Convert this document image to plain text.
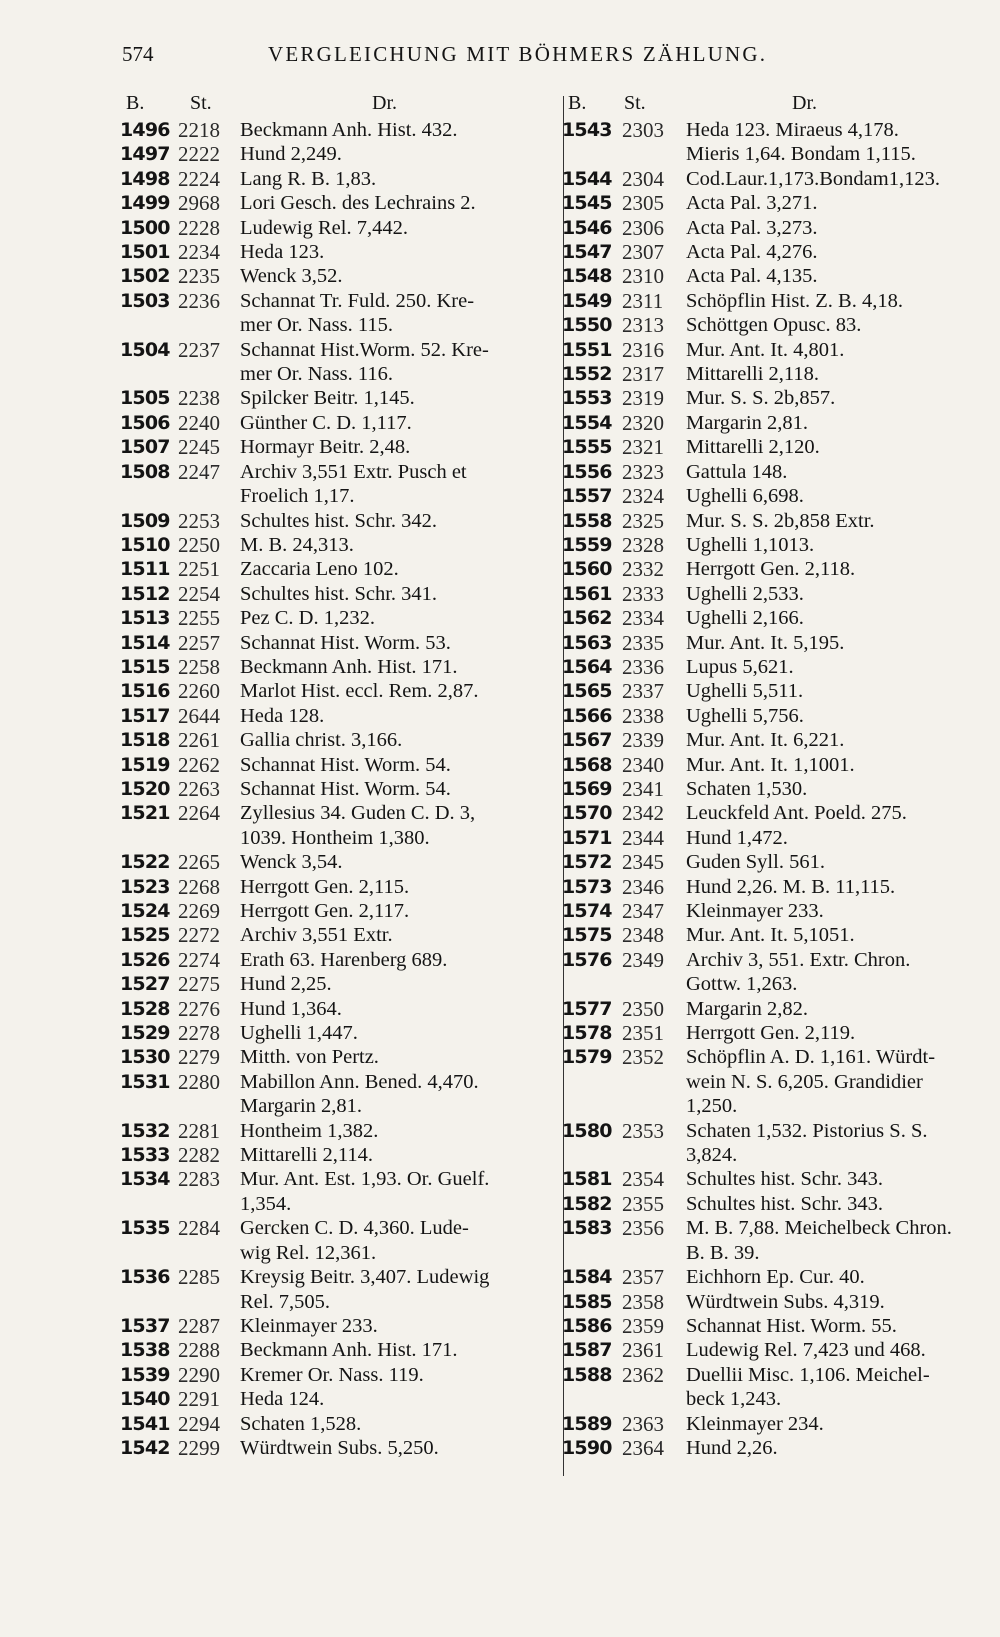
574	VERGLEICHUNG MIT BÖHMERS ZÄHLUNG.
B. St.	Dr.
1496 2218 Beckmann Anh. Hist. 432.
1497 2222 Hund 2,249.
1498 2224 Lang R. B. 1,83.
1499 2968 Lori Gesch. des Lechrains 2.
1500 2228 Ludewig Rel. 7,442.
1501 2234 Heda 123.
1502 2235 Wenck 3,52.
1503 2236 Schannat Tr. Fuld. 250. Kre-
mer Or. Nass. 115.
1504 2237 Schannat Hist.Worm. 52. Kre-
mer Or. Nass. 116.
1505 2238 Spilcker Beitr. 1,145.
1506 2240 Günther C. D. 1,117.
1507 2245 Hormayr Beitr. 2,48.
1508 2247 Archiv 3,551 Extr. Pusch et
Froelich 1,17.
1509 2253 Schultes hist. Schr. 342.
1510 2250 M. B. 24,313.
1511 2251 Zaccaria Leno 102.
1512 2254 Schultes hist. Schr. 341.
1513 2255 Pez C. D. 1,232.
1514 2257 Schannat Hist. Worm. 53.
1515 2258 Beckmann Anh. Hist. 171.
1516 2260 Marlot Hist. eccl. Rem. 2,87.
1517 2644 Heda 128.
1518 2261 Gallia christ. 3,166.
1519 2262 Schannat Hist. Worm. 54.
1520 2263 Schannat Hist. Worm. 54.
1521 2264 Zyllesius 34. Guden C. D. 3,
1039. Hontheim 1,380.
1522 2265 Wenck 3,54.
1523 2268 Herrgott Gen. 2,115.
1524 2269 Herrgott Gen. 2,117.
1525 2272 Archiv 3,551 Extr.
1526 2274 Erath 63. Harenberg 689.
1527 2275 Hund 2,25.
1528 2276 Hund 1,364.
1529 2278 Ughelli 1,447.
1530 2279 Mitth. von Pertz.
1531 2280 Mabillon Ann. Bened. 4,470.
Margarin 2,81.
1532 2281 Hontheim 1,382.
1533 2282 Mittarelli 2,114.
1534 2283 Mur. Ant. Est. 1,93. Or. Guelf.
1,354.
1535 2284 Gercken C. D. 4,360. Lude-
wig Rel. 12,361.
1536 2285 Kreysig Beitr. 3,407. Ludewig
Rel. 7,505.
1537 2287 Kleinmayer 233.
1538 2288 Beckmann Anh. Hist. 171.
1539 2290 Kremer Or. Nass. 119.
1540 2291 Heda 124.
1541 2294 Schaten 1,528.
1542 2299 Würdtwein Subs. 5,250.
B. St.	Dr.
1543 2303	Heda 123. Miraeus 4,178.
Mieris 1,64. Bondam 1,115.
1544 2304	Cod.Laur.1,173.Bondam1,123.
1545 2305	Acta Pal. 3,271.
1546 2306	Acta Pal. 3,273.
1547 2307	Acta Pal. 4,276.
1548 2310	Acta Pal. 4,135.
1549 2311	Schöpflin Hist. Z. B. 4,18.
1550 2313	Schöttgen Opusc. 83.
1551 2316	Mur. Ant. It. 4,801.
1552 2317	Mittarelli 2,118.
1553 2319	Mur. S. S. 2b,857.
1554 2320	Margarin 2,81.
1555 2321	Mittarelli 2,120.
1556 2323	Gattula 148.
1557 2324	Ughelli 6,698.
1558 2325	Mur. S. S. 2b,858 Extr.
1559 2328	Ughelli 1,1013.
1560 2332	Herrgott Gen. 2,118.
1561 2333	Ughelli 2,533.
1562 2334	Ughelli 2,166.
1563 2335	Mur. Ant. It. 5,195.
1564 2336	Lupus 5,621.
1565 2337	Ughelli 5,511.
1566 2338	Ughelli 5,756.
1567 2339	Mur. Ant. It. 6,221.
1568 2340	Mur. Ant. It. 1,1001.
1569 2341	Schaten 1,530.
1570 2342	Leuckfeld Ant. Poeld. 275.
1571 2344	Hund 1,472.
1572 2345	Guden Syll. 561.
1573 2346	Hund 2,26. M. B. 11,115.
1574 2347	Kleinmayer 233.
1575 2348	Mur. Ant. It. 5,1051.
1576 2349	Archiv 3, 551. Extr. Chron.
Gottw. 1,263.
1577 2350	Margarin 2,82.
1578 2351	Herrgott Gen. 2,119.
1579 2352	Schöpflin A. D. 1,161. Würdt-
wein N. S. 6,205. Grandidier
1,250.
1580 2353	Schaten 1,532. Pistorius S. S.
3,824.
1581 2354	Schultes hist. Schr. 343.
1582 2355	Schultes hist. Schr. 343.
1583 2356	M. B. 7,88. Meichelbeck Chron.
B. B. 39.
1584 2357	Eichhorn Ep. Cur. 40.
1585 2358	Würdtwein Subs. 4,319.
1586 2359	Schannat Hist. Worm. 55.
1587 2361	Ludewig Rel. 7,423 und 468.
1588 2362	Duellii Misc. 1,106. Meichel-
beck 1,243.
1589 2363	Kleinmayer 234.
1590 2364	Hund 2,26.
